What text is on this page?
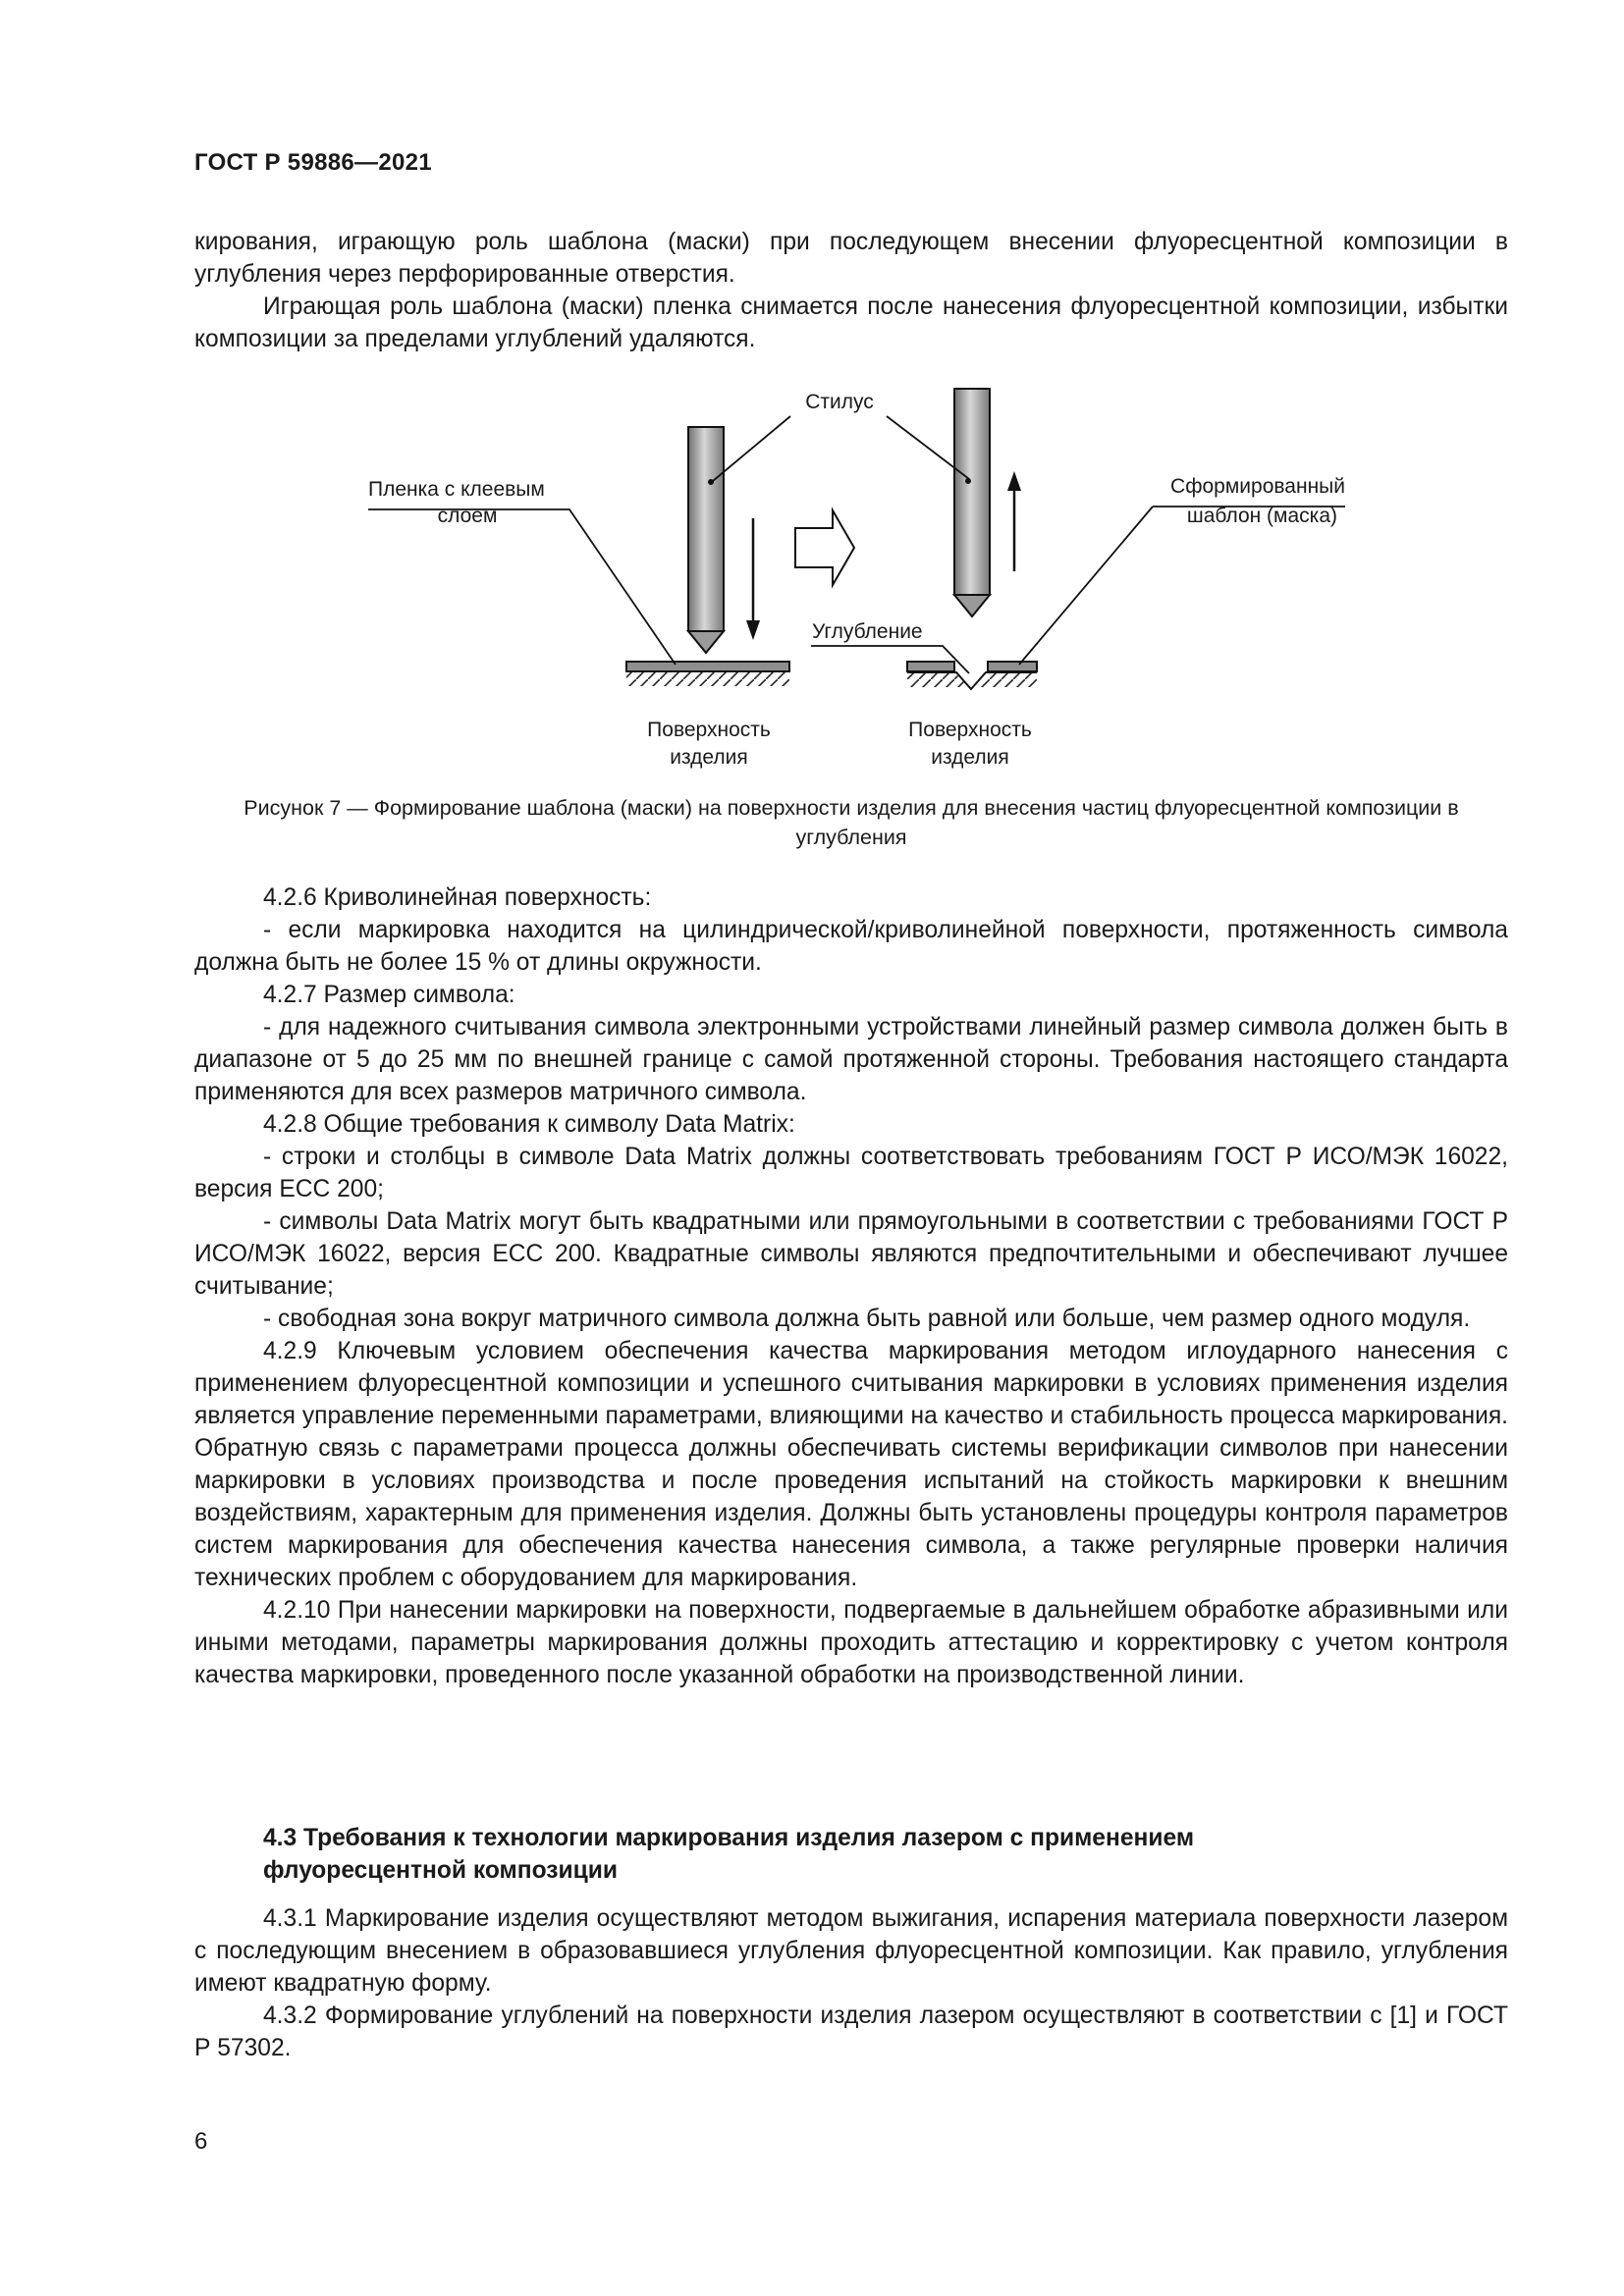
ГОСТ Р 59886—2021

кирования, играющую роль шаблона (маски) при последующем внесении флуоресцентной композиции в углубления через перфорированные отверстия.

Играющая роль шаблона (маски) пленка снимается после нанесения флуоресцентной композиции, избытки композиции за пределами углублений удаляются.

Стилус
Пленка с клеевым
слоем
Сформированный
шаблон (маска)
Углубление
Поверхность
изделия
Поверхность
изделия
Рисунок 7 — Формирование шаблона (маски) на поверхности изделия для внесения частиц флуоресцентной композиции в углубления

4.2.6 Криволинейная поверхность:

- если маркировка находится на цилиндрической/криволинейной поверхности, протяженность символа должна быть не более 15 % от длины окружности.

4.2.7 Размер символа:

- для надежного считывания символа электронными устройствами линейный размер символа должен быть в диапазоне от 5 до 25 мм по внешней границе с самой протяженной стороны. Требования настоящего стандарта применяются для всех размеров матричного символа.

4.2.8 Общие требования к символу Data Matrix:

- строки и столбцы в символе Data Matrix должны соответствовать требованиям ГОСТ Р ИСО/МЭК 16022, версия ECC 200;

- символы Data Matrix могут быть квадратными или прямоугольными в соответствии с требованиями ГОСТ Р ИСО/МЭК 16022, версия ECC 200. Квадратные символы являются предпочтительными и обеспечивают лучшее считывание;

- свободная зона вокруг матричного символа должна быть равной или больше, чем размер одного модуля.

4.2.9 Ключевым условием обеспечения качества маркирования методом иглоударного нанесения с применением флуоресцентной композиции и успешного считывания маркировки в условиях применения изделия является управление переменными параметрами, влияющими на качество и стабильность процесса маркирования. Обратную связь с параметрами процесса должны обеспечивать системы верификации символов при нанесении маркировки в условиях производства и после проведения испытаний на стойкость маркировки к внешним воздействиям, характерным для применения изделия. Должны быть установлены процедуры контроля параметров систем маркирования для обеспечения качества нанесения символа, а также регулярные проверки наличия технических проблем с оборудованием для маркирования.

4.2.10 При нанесении маркировки на поверхности, подвергаемые в дальнейшем обработке абразивными или иными методами, параметры маркирования должны проходить аттестацию и корректировку с учетом контроля качества маркировки, проведенного после указанной обработки на производственной линии.

4.3 Требования к технологии маркирования изделия лазером с применением
флуоресцентной композиции

4.3.1 Маркирование изделия осуществляют методом выжигания, испарения материала поверхности лазером с последующим внесением в образовавшиеся углубления флуоресцентной композиции. Как правило, углубления имеют квадратную форму.

4.3.2 Формирование углублений на поверхности изделия лазером осуществляют в соответствии с [1] и ГОСТ Р 57302.

6
